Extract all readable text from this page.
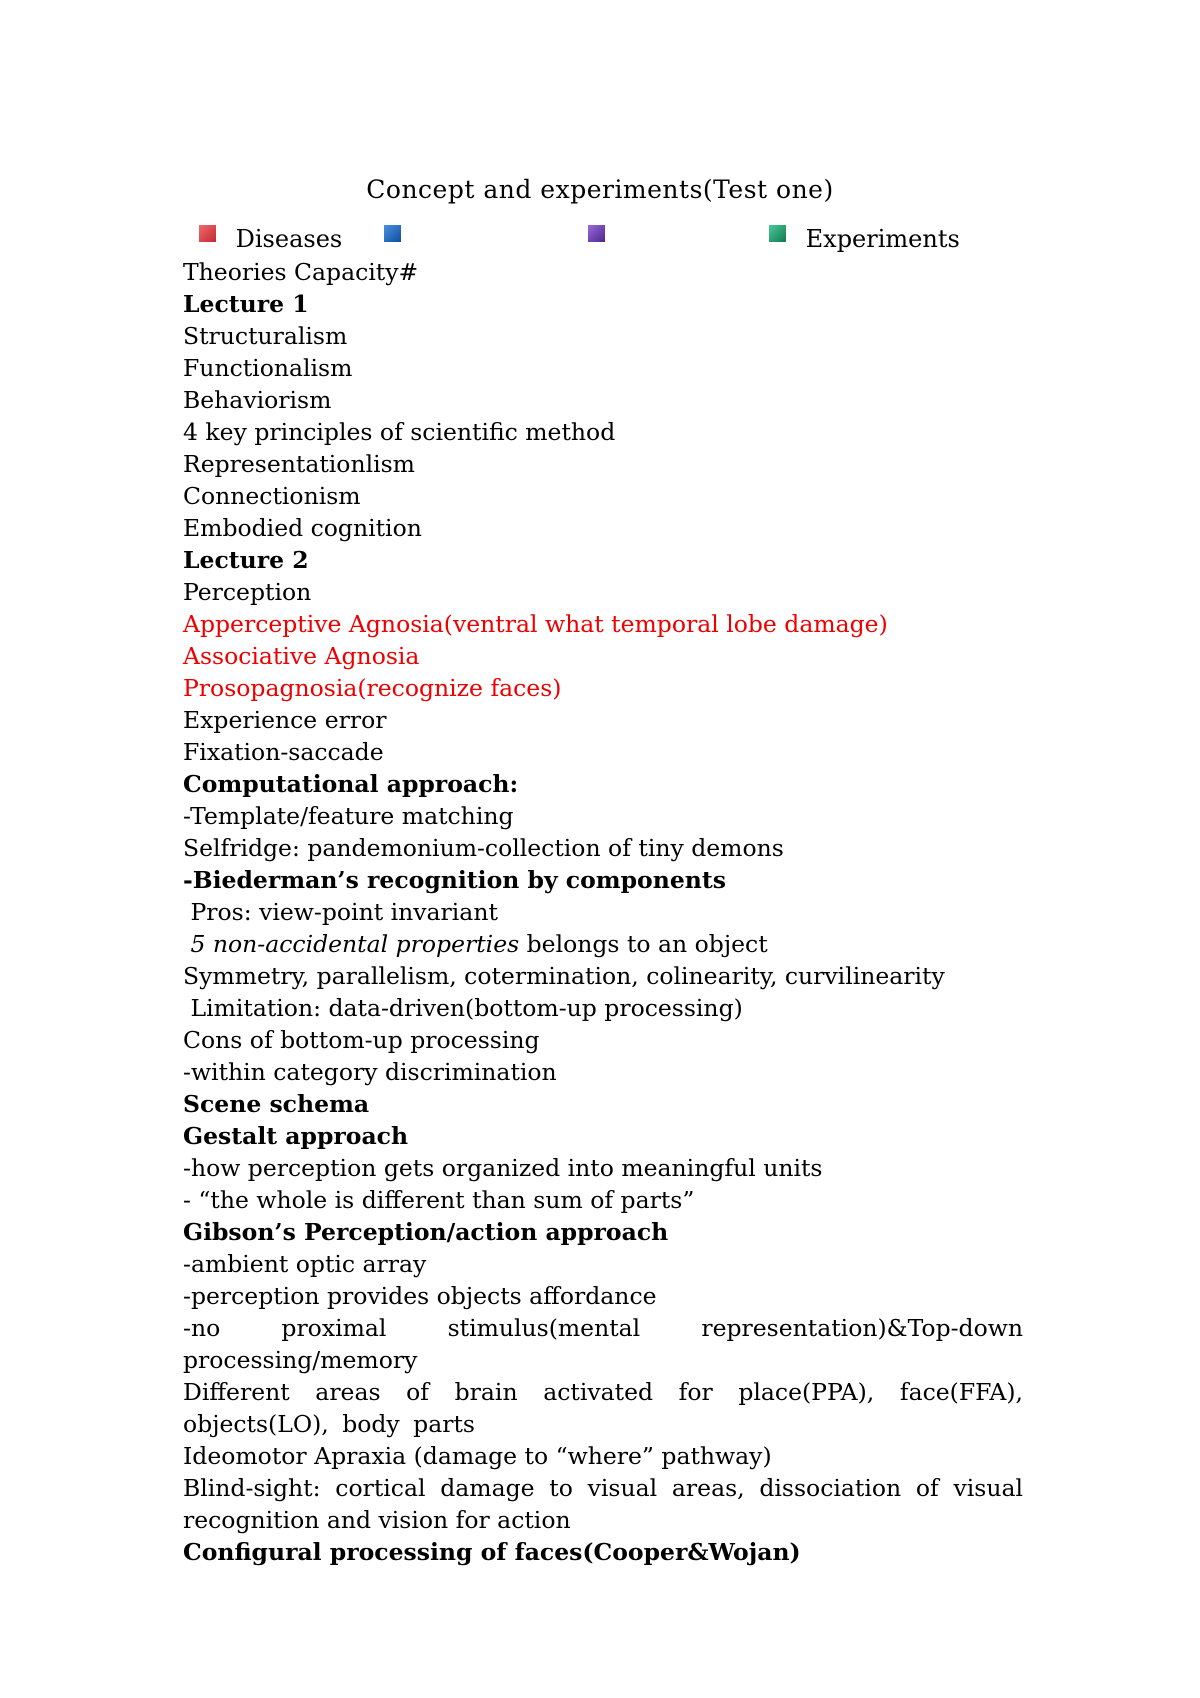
Concept and experiments(Test one)
Diseases	Experiments
Theories Capacity#
Lecture 1
Structuralism
Functionalism
Behaviorism
4 key principles of scientific method
Representationlism
Connectionism
Embodied cognition
Lecture 2
Perception
Apperceptive Agnosia(ventral what temporal lobe damage)
Associative Agnosia
Prosopagnosia(recognize faces)
Experience error
Fixation-saccade
Computational approach:
-Template/feature matching
Selfridge: pandemonium-collection of tiny demons
-Biederman’s recognition by components
Pros: view-point invariant
5 non-accidental properties belongs to an object
Symmetry, parallelism, cotermination, colinearity, curvilinearity
Limitation: data-driven(bottom-up processing)
Cons of bottom-up processing
-within category discrimination
Scene schema
Gestalt approach
-how perception gets organized into meaningful units
- “the whole is different than sum of parts”
Gibson’s Perception/action approach
-ambient optic array
-perception provides objects affordance
-no proximal stimulus(mental representation)&Top-down processing/memory
Different areas of brain activated for place(PPA), face(FFA), objects(LO), body parts
Ideomotor Apraxia (damage to “where” pathway)
Blind-sight: cortical damage to visual areas, dissociation of visual recognition and vision for action
Configural processing of faces(Cooper&Wojan)
